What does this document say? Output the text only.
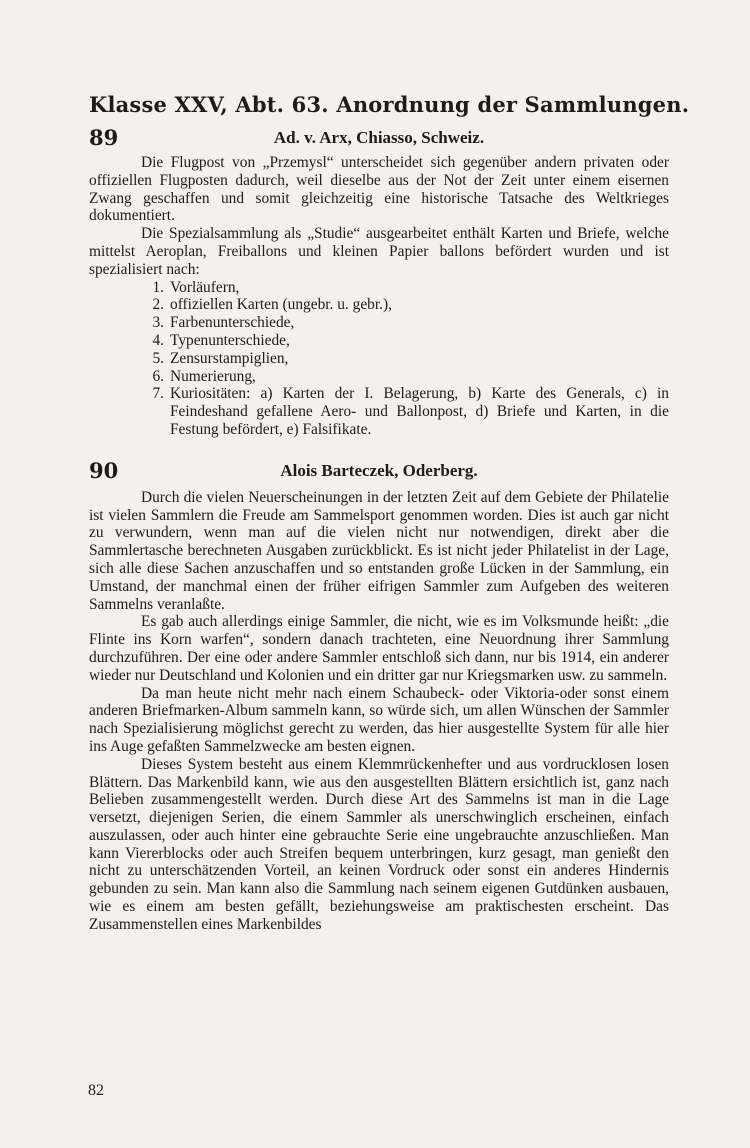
Klasse XXV, Abt. 63. Anordnung der Sammlungen.
89	Ad. v. Arx, Chiasso, Schweiz.

Die Flugpost von „Przemysl“ unterscheidet sich gegenüber andern privaten oder offiziellen Flugposten dadurch, weil dieselbe aus der Not der Zeit unter einem eisernen Zwang geschaffen und somit gleichzeitig eine historische Tatsache des Weltkrieges dokumentiert.

Die Spezialsammlung als „Studie“ ausgearbeitet enthält Karten und Briefe, welche mittelst Aeroplan, Freiballons und kleinen Papier ballons befördert wurden und ist spezialisiert nach:

1. Vorläufern,
2. offiziellen Karten (ungebr. u. gebr.),
3. Farbenunterschiede,
4. Typenunterschiede,
5. Zensurstampiglien,
6. Numerierung,
7. Kuriositäten: a) Karten der I. Belagerung, b) Karte des Generals, c) in Feindeshand gefallene Aero- und Ballonpost, d) Briefe und Karten, in die Festung befördert, e) Falsifikate.
90	Alois Barteczek, Oderberg.

Durch die vielen Neuerscheinungen in der letzten Zeit auf dem Gebiete der Philatelie ist vielen Sammlern die Freude am Sammelsport genommen worden. Dies ist auch gar nicht zu verwundern, wenn man auf die vielen nicht nur notwendigen, direkt aber die Sammlertasche berechneten Ausgaben zurückblickt. Es ist nicht jeder Philatelist in der Lage, sich alle diese Sachen anzuschaffen und so entstanden große Lücken in der Sammlung, ein Umstand, der manchmal einen der früher eifrigen Sammler zum Aufgeben des weiteren Sammelns veranlaßte.

Es gab auch allerdings einige Sammler, die nicht, wie es im Volksmunde heißt: „die Flinte ins Korn warfen“, sondern danach trachteten, eine Neuordnung ihrer Sammlung durchzuführen. Der eine oder andere Sammler entschloß sich dann, nur bis 1914, ein anderer wieder nur Deutschland und Kolonien und ein dritter gar nur Kriegsmarken usw. zu sammeln.

Da man heute nicht mehr nach einem Schaubeck- oder Viktoria-oder sonst einem anderen Briefmarken-Album sammeln kann, so würde sich, um allen Wünschen der Sammler nach Spezialisierung möglichst gerecht zu werden, das hier ausgestellte System für alle hier ins Auge gefaßten Sammelzwecke am besten eignen.

Dieses System besteht aus einem Klemmrückenhefter und aus vordrucklosen losen Blättern. Das Markenbild kann, wie aus den ausgestellten Blättern ersichtlich ist, ganz nach Belieben zusammengestellt werden. Durch diese Art des Sammelns ist man in die Lage versetzt, diejenigen Serien, die einem Sammler als unerschwinglich erscheinen, einfach auszulassen, oder auch hinter eine gebrauchte Serie eine ungebrauchte anzuschließen. Man kann Viererblocks oder auch Streifen bequem unterbringen, kurz gesagt, man genießt den nicht zu unterschätzenden Vorteil, an keinen Vordruck oder sonst ein anderes Hindernis gebunden zu sein. Man kann also die Sammlung nach seinem eigenen Gutdünken ausbauen, wie es einem am besten gefällt, beziehungsweise am praktischesten erscheint. Das Zusammenstellen eines Markenbildes

82
